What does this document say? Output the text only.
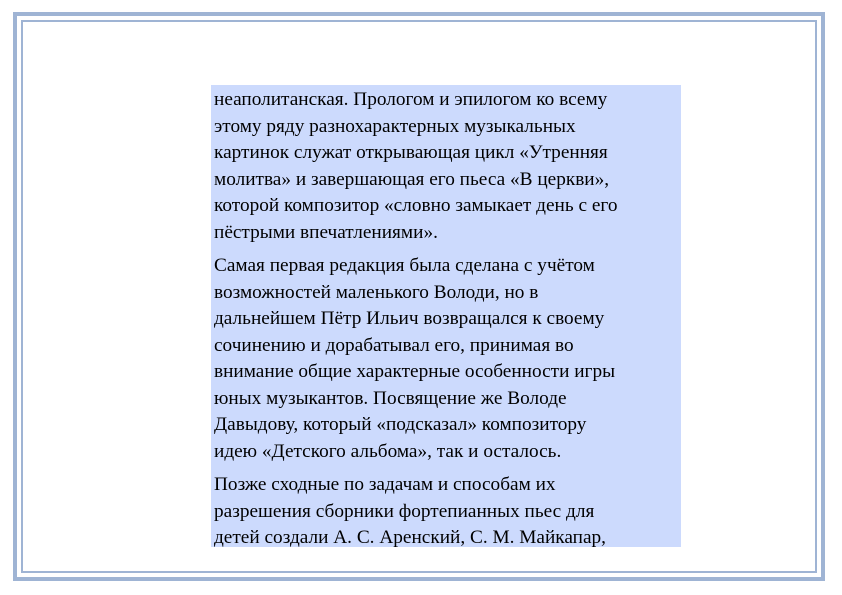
неаполитанская. Прологом и эпилогом ко всему
этому ряду разнохарактерных музыкальных
картинок служат открывающая цикл «Утренняя
молитва» и завершающая его пьеса «В церкви»,
которой композитор «словно замыкает день с его
пёстрыми впечатлениями».

Самая первая редакция была сделана с учётом
возможностей маленького Володи, но в
дальнейшем Пётр Ильич возвращался к своему
сочинению и дорабатывал его, принимая во
внимание общие характерные особенности игры
юных музыкантов. Посвящение же Володе
Давыдову, который «подсказал» композитору
идею «Детского альбома», так и осталось.

Позже сходные по задачам и способам их
разрешения сборники фортепианных пьес для
детей создали А. С. Аренский, С. М. Майкапар,
